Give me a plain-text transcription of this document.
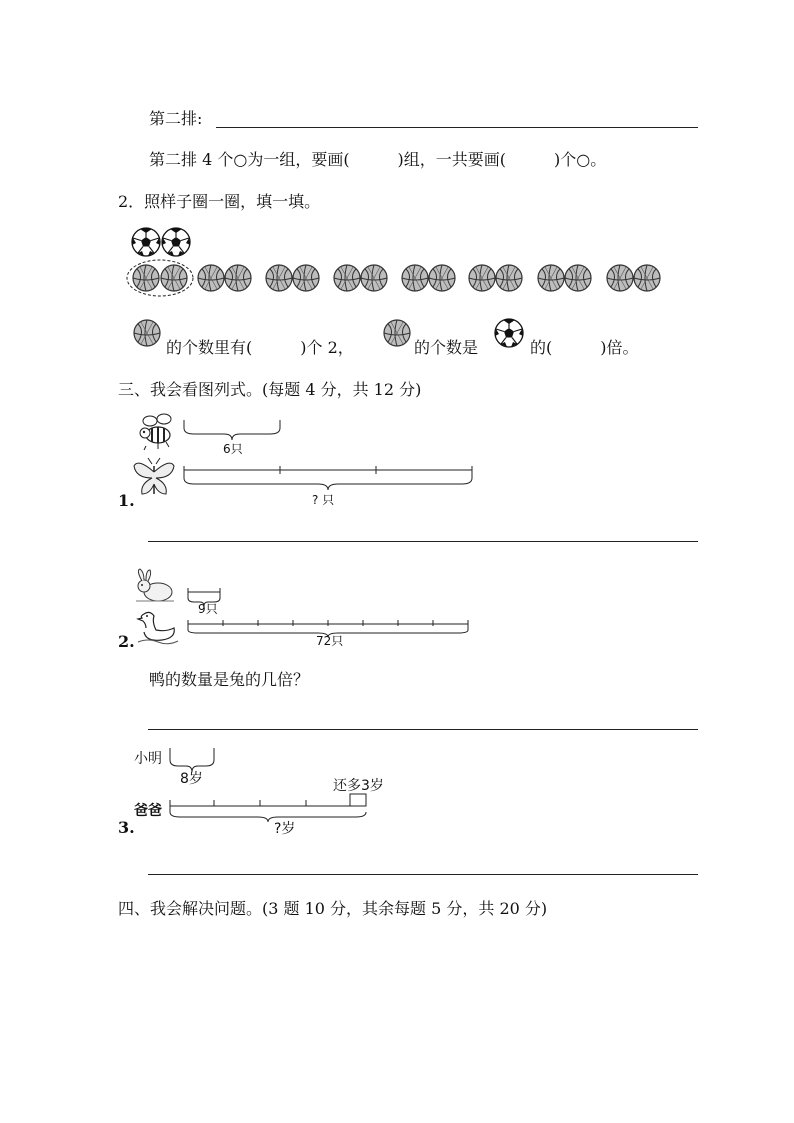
第二排:
第二排 4 个○为一组，要画(　　　)组，一共要画(　　　)个○。
2．照样子圈一圈，填一填。
的个数里有(　　　)个 2，	的个数是	的(　　　)倍。
三、我会看图列式。(每题 4 分，共 12 分)
6只
? 只
1.
9只
72只
2.
鸭的数量是兔的几倍？
小明
8岁	还多3岁
爸爸
?岁
3.
四、我会解决问题。(3 题 10 分，其余每题 5 分，共 20 分)
